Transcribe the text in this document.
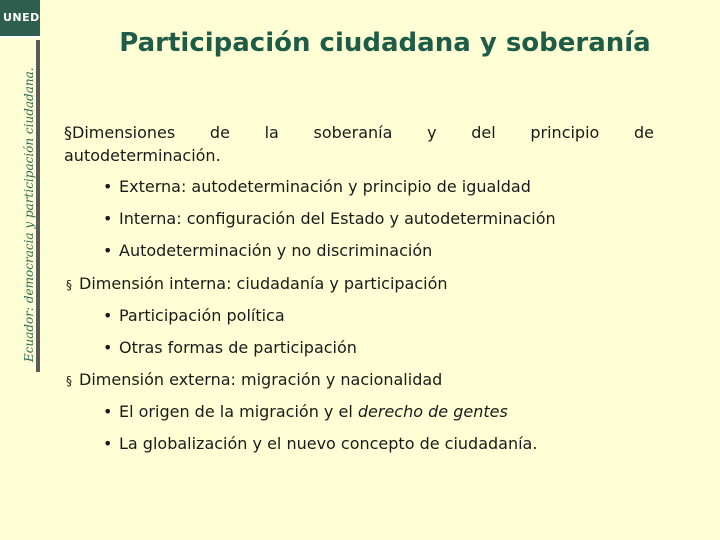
UNED
Ecuador: democracia y participación ciudadana.
Participación ciudadana y soberanía
§Dimensiones de la soberanía y del principio de
autodeterminación.
• Externa: autodeterminación y principio de igualdad
• Interna: configuración del Estado y autodeterminación
• Autodeterminación y no discriminación
§ Dimensión interna: ciudadanía y participación
• Participación política
• Otras formas de participación
§ Dimensión externa: migración y nacionalidad
• El origen de la migración y el derecho de gentes
• La globalización y el nuevo concepto de ciudadanía.
